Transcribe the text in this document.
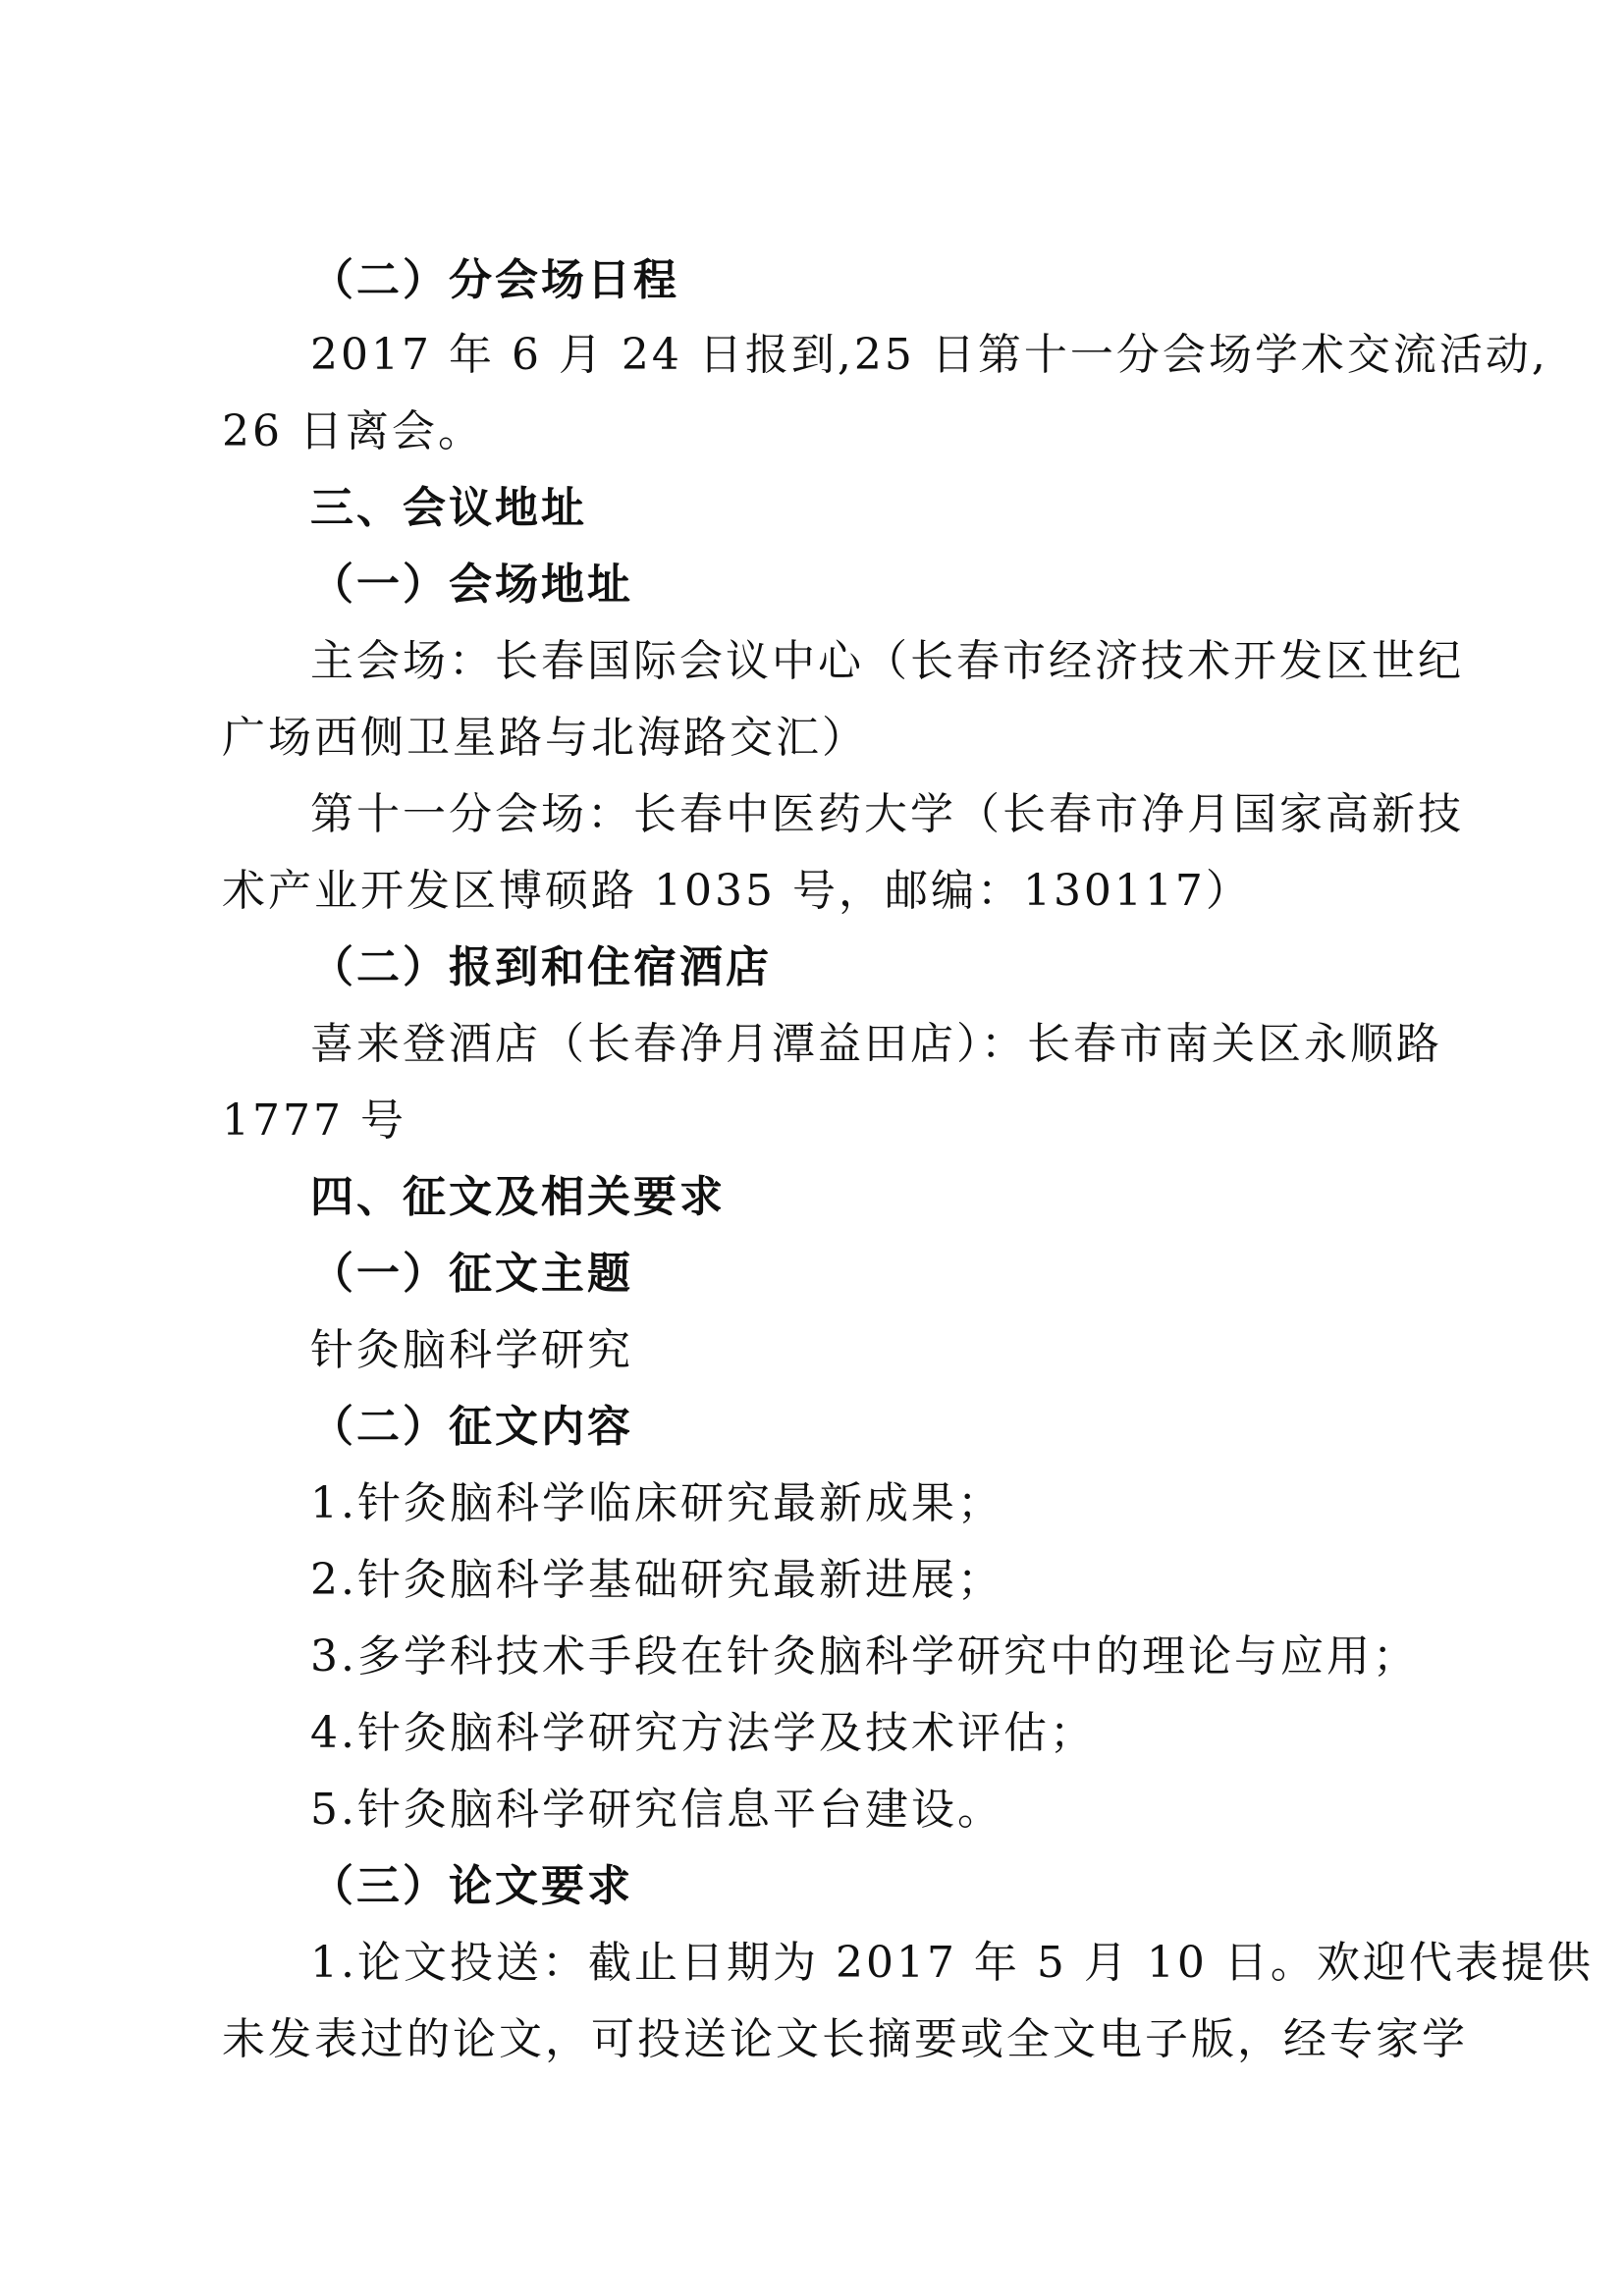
（二）分会场日程
2017 年 6 月 24 日报到,25 日第十一分会场学术交流活动,
26 日离会。
三、会议地址
（一）会场地址
主会场：长春国际会议中心（长春市经济技术开发区世纪
广场西侧卫星路与北海路交汇）
第十一分会场：长春中医药大学（长春市净月国家高新技
术产业开发区博硕路 1035 号，邮编：130117）
（二）报到和住宿酒店
喜来登酒店（长春净月潭益田店）：长春市南关区永顺路
1777 号
四、征文及相关要求
（一）征文主题
针灸脑科学研究
（二）征文内容
1.针灸脑科学临床研究最新成果；
2.针灸脑科学基础研究最新进展；
3.多学科技术手段在针灸脑科学研究中的理论与应用；
4.针灸脑科学研究方法学及技术评估；
5.针灸脑科学研究信息平台建设。
（三）论文要求
1.论文投送：截止日期为 2017 年 5 月 10 日。欢迎代表提供
未发表过的论文，可投送论文长摘要或全文电子版，经专家学
